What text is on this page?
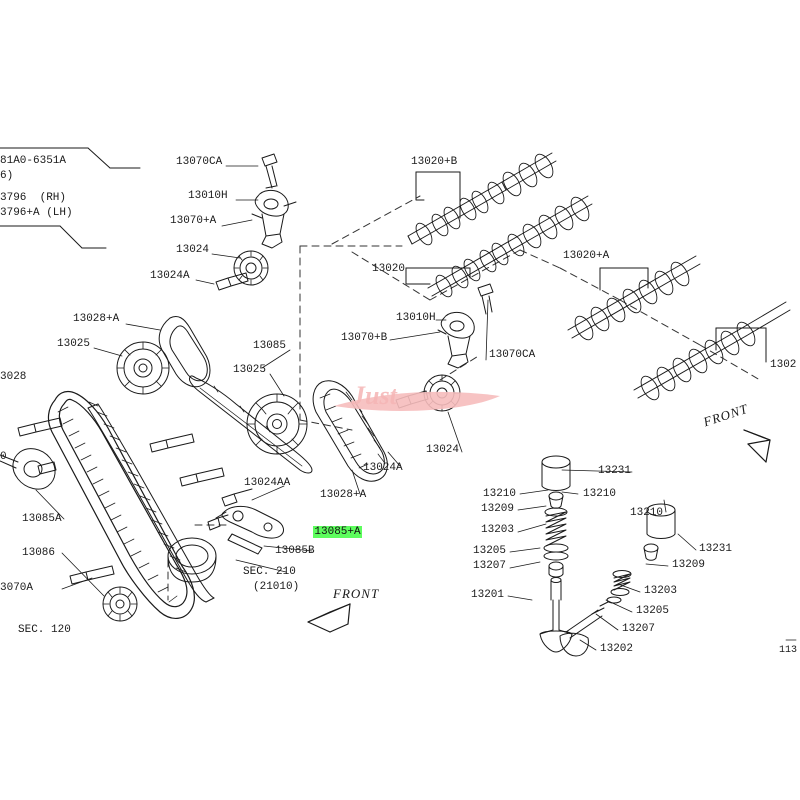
Just
81A0-6351A
6)
3796  (RH)
3796+A (LH)
13070CA
13010H
13070+A
13024
13024A
13028+A
13025	13085
13025
3028
13085A
13086
0
3070A
SEC. 120
13024AA
13028+A
13024A
13024
13085B
SEC. 210
(21010)
13020+B
13020
13010H
13070+B
13070CA
13020+A
1302
13231
13210	13210
13209
13203
13210
13231
13205
13209
13207
13201	13203
13205
13207
13202	113

13085+A

FRONT
FRONT
